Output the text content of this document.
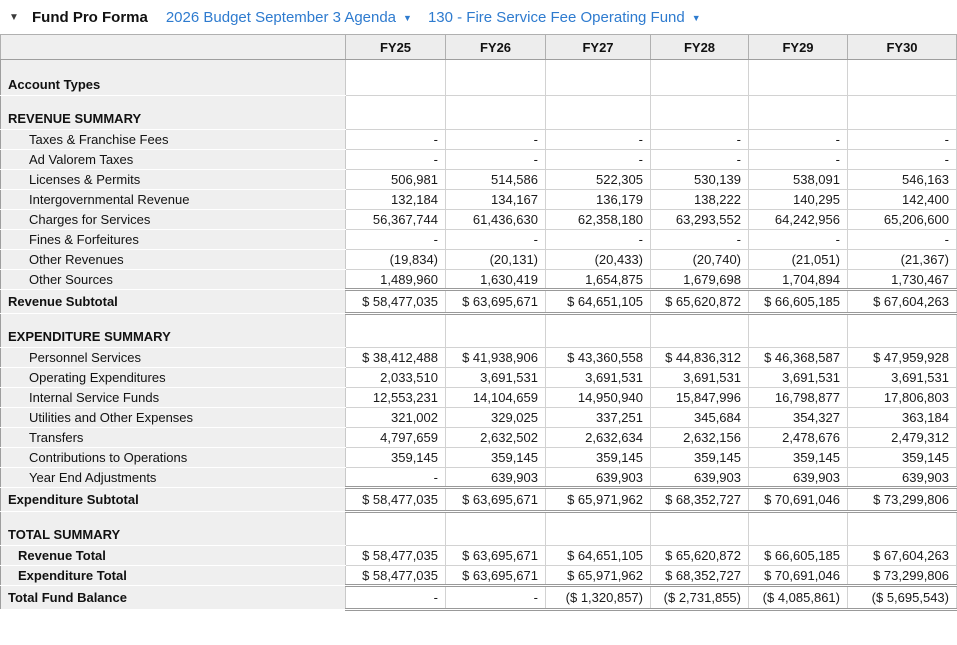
▼ Fund Pro Forma 2026 Budget September 3 Agenda ▼ 130 - Fire Service Fee Operating Fund ▼
	FY25	FY26	FY27	FY28	FY29	FY30
Account Types						
REVENUE SUMMARY						
Taxes & Franchise Fees	-	-	-	-	-	-
Ad Valorem Taxes	-	-	-	-	-	-
Licenses & Permits	506,981	514,586	522,305	530,139	538,091	546,163
Intergovernmental Revenue	132,184	134,167	136,179	138,222	140,295	142,400
Charges for Services	56,367,744	61,436,630	62,358,180	63,293,552	64,242,956	65,206,600
Fines & Forfeitures	-	-	-	-	-	-
Other Revenues	(19,834)	(20,131)	(20,433)	(20,740)	(21,051)	(21,367)
Other Sources	1,489,960	1,630,419	1,654,875	1,679,698	1,704,894	1,730,467
Revenue Subtotal	$ 58,477,035	$ 63,695,671	$ 64,651,105	$ 65,620,872	$ 66,605,185	$ 67,604,263
EXPENDITURE SUMMARY						
Personnel Services	$ 38,412,488	$ 41,938,906	$ 43,360,558	$ 44,836,312	$ 46,368,587	$ 47,959,928
Operating Expenditures	2,033,510	3,691,531	3,691,531	3,691,531	3,691,531	3,691,531
Internal Service Funds	12,553,231	14,104,659	14,950,940	15,847,996	16,798,877	17,806,803
Utilities and Other Expenses	321,002	329,025	337,251	345,684	354,327	363,184
Transfers	4,797,659	2,632,502	2,632,634	2,632,156	2,478,676	2,479,312
Contributions to Operations	359,145	359,145	359,145	359,145	359,145	359,145
Year End Adjustments	-	639,903	639,903	639,903	639,903	639,903
Expenditure Subtotal	$ 58,477,035	$ 63,695,671	$ 65,971,962	$ 68,352,727	$ 70,691,046	$ 73,299,806
TOTAL SUMMARY						
Revenue Total	$ 58,477,035	$ 63,695,671	$ 64,651,105	$ 65,620,872	$ 66,605,185	$ 67,604,263
Expenditure Total	$ 58,477,035	$ 63,695,671	$ 65,971,962	$ 68,352,727	$ 70,691,046	$ 73,299,806
Total Fund Balance	-	-	($ 1,320,857)	($ 2,731,855)	($ 4,085,861)	($ 5,695,543)
